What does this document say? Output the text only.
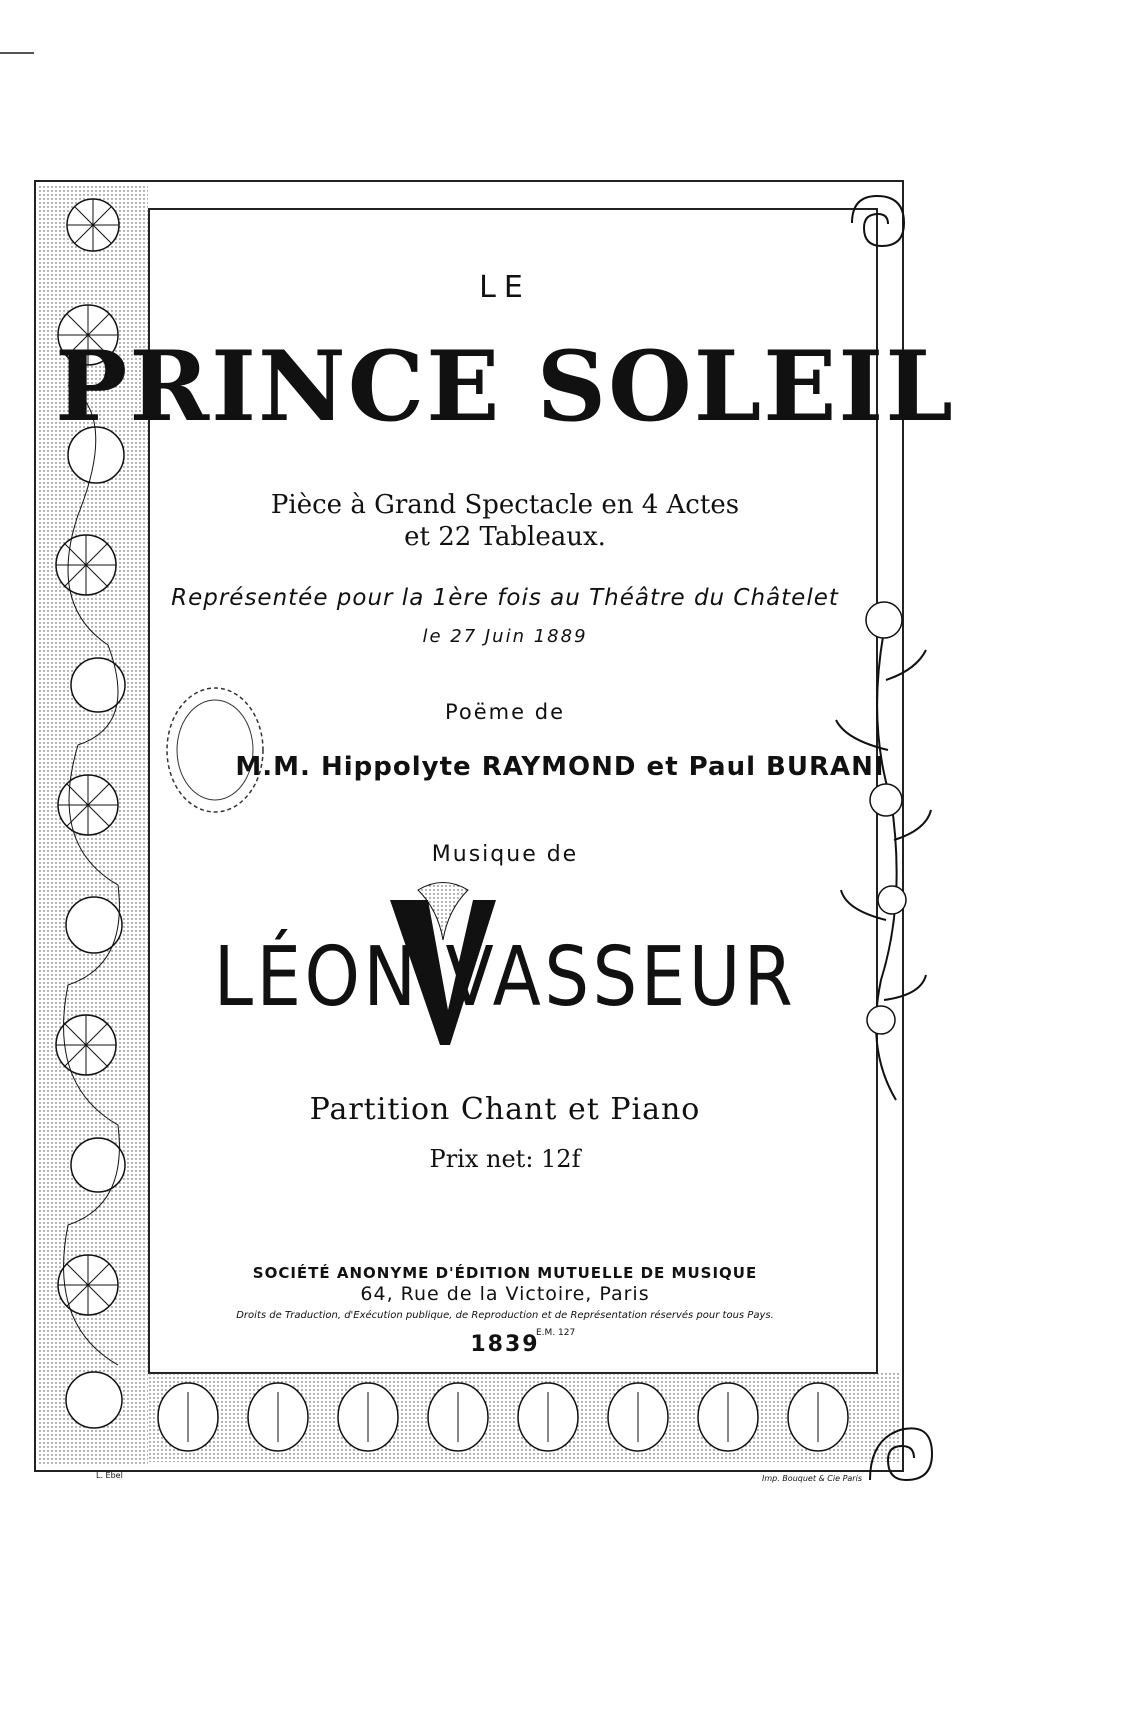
LE
PRINCE SOLEIL
Pièce à Grand Spectacle en 4 Actes
et 22 Tableaux.
Représentée pour la 1ère fois au Théâtre du Châtelet
le 27 Juin 1889
Poëme de
M.M. Hippolyte RAYMOND et Paul BURANI
Musique de
LÉON VASSEUR
Partition Chant et Piano
Prix net: 12f
SOCIÉTÉ ANONYME D'ÉDITION MUTUELLE DE MUSIQUE
64, Rue de la Victoire, Paris
Droits de Traduction, d'Exécution publique, de Reproduction et de Représentation réservés pour tous Pays.
1839
E.M. 127
Imp. Bouquet & Cie Paris
L. Ebel
